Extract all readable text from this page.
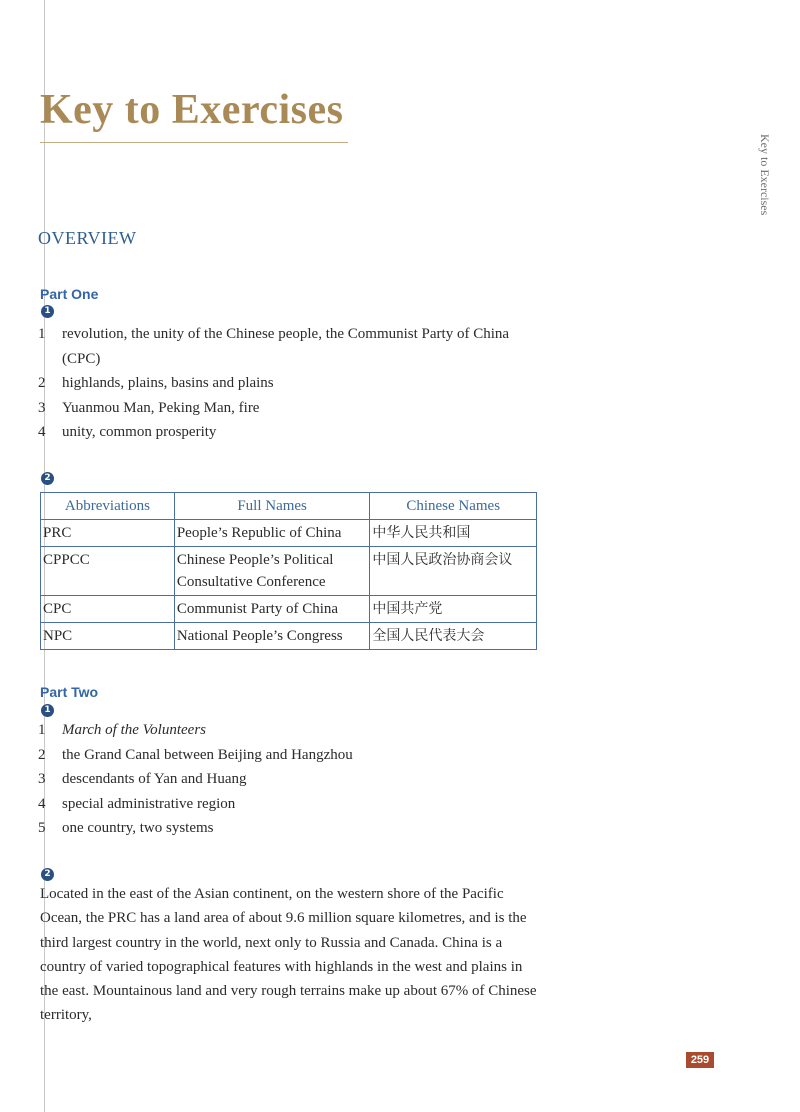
Key to Exercises
Key to Exercises
OVERVIEW
Part One
1
1	revolution, the unity of the Chinese people, the Communist Party of China (CPC)
2	highlands, plains, basins and plains
3	Yuanmou Man, Peking Man, fire
4	unity, common prosperity
2
Abbreviations	Full Names	Chinese Names
PRC	People’s Republic of China	中华人民共和国
CPPCC	Chinese People’s Political Consultative Conference	中国人民政治协商会议
CPC	Communist Party of China	中国共产党
NPC	National People’s Congress	全国人民代表大会
Part Two
1
1	March of the Volunteers
2	the Grand Canal between Beijing and Hangzhou
3	descendants of Yan and Huang
4	special administrative region
5	one country, two systems
2

Located in the east of the Asian continent, on the western shore of the Pacific Ocean, the PRC has a land area of about 9.6 million square kilometres, and is the third largest country in the world, next only to Russia and Canada. China is a country of varied topographical features with highlands in the west and plains in the east. Mountainous land and very rough terrains make up about 67% of Chinese territory,

259
